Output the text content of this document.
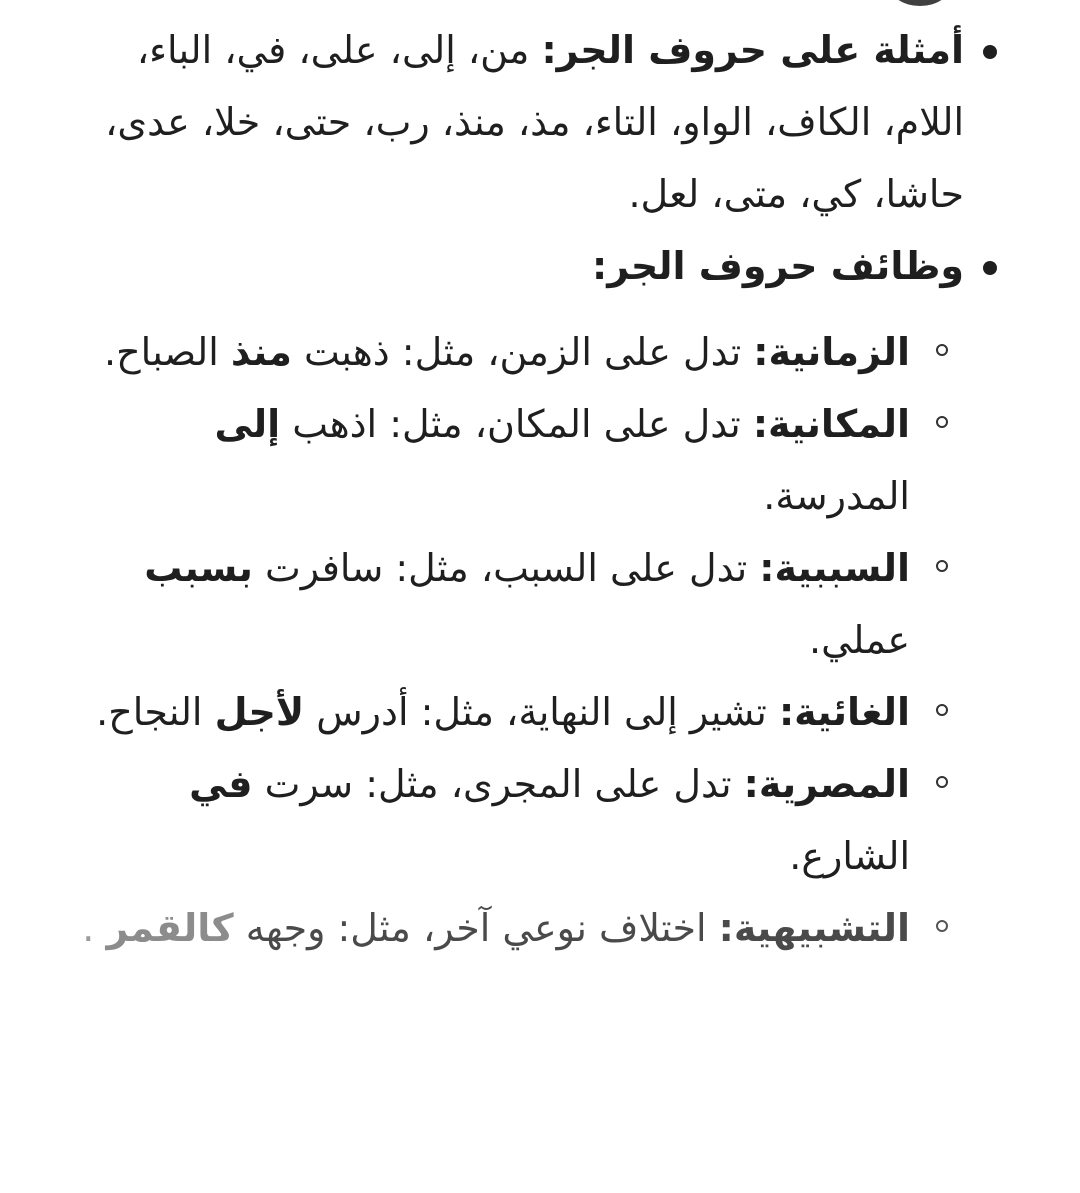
أمثلة على حروف الجر: من، إلى، على، في، الباء، اللام، الكاف، الواو، التاء، مذ، منذ، رب، حتى، خلا، عدى، حاشا، كي، متى، لعل.
وظائف حروف الجر:
الزمانية: تدل على الزمن، مثل: ذهبت منذ الصباح.
المكانية: تدل على المكان، مثل: اذهب إلى المدرسة.
السببية: تدل على السبب، مثل: سافرت بسبب عملي.
الغائية: تشير إلى النهاية، مثل: أدرس لأجل النجاح.
المصرية: تدل على المجرى، مثل: سرت في الشارع.
التشبيهية: اختلاف نوعي آخر، مثل: وجهه كالقمر .
